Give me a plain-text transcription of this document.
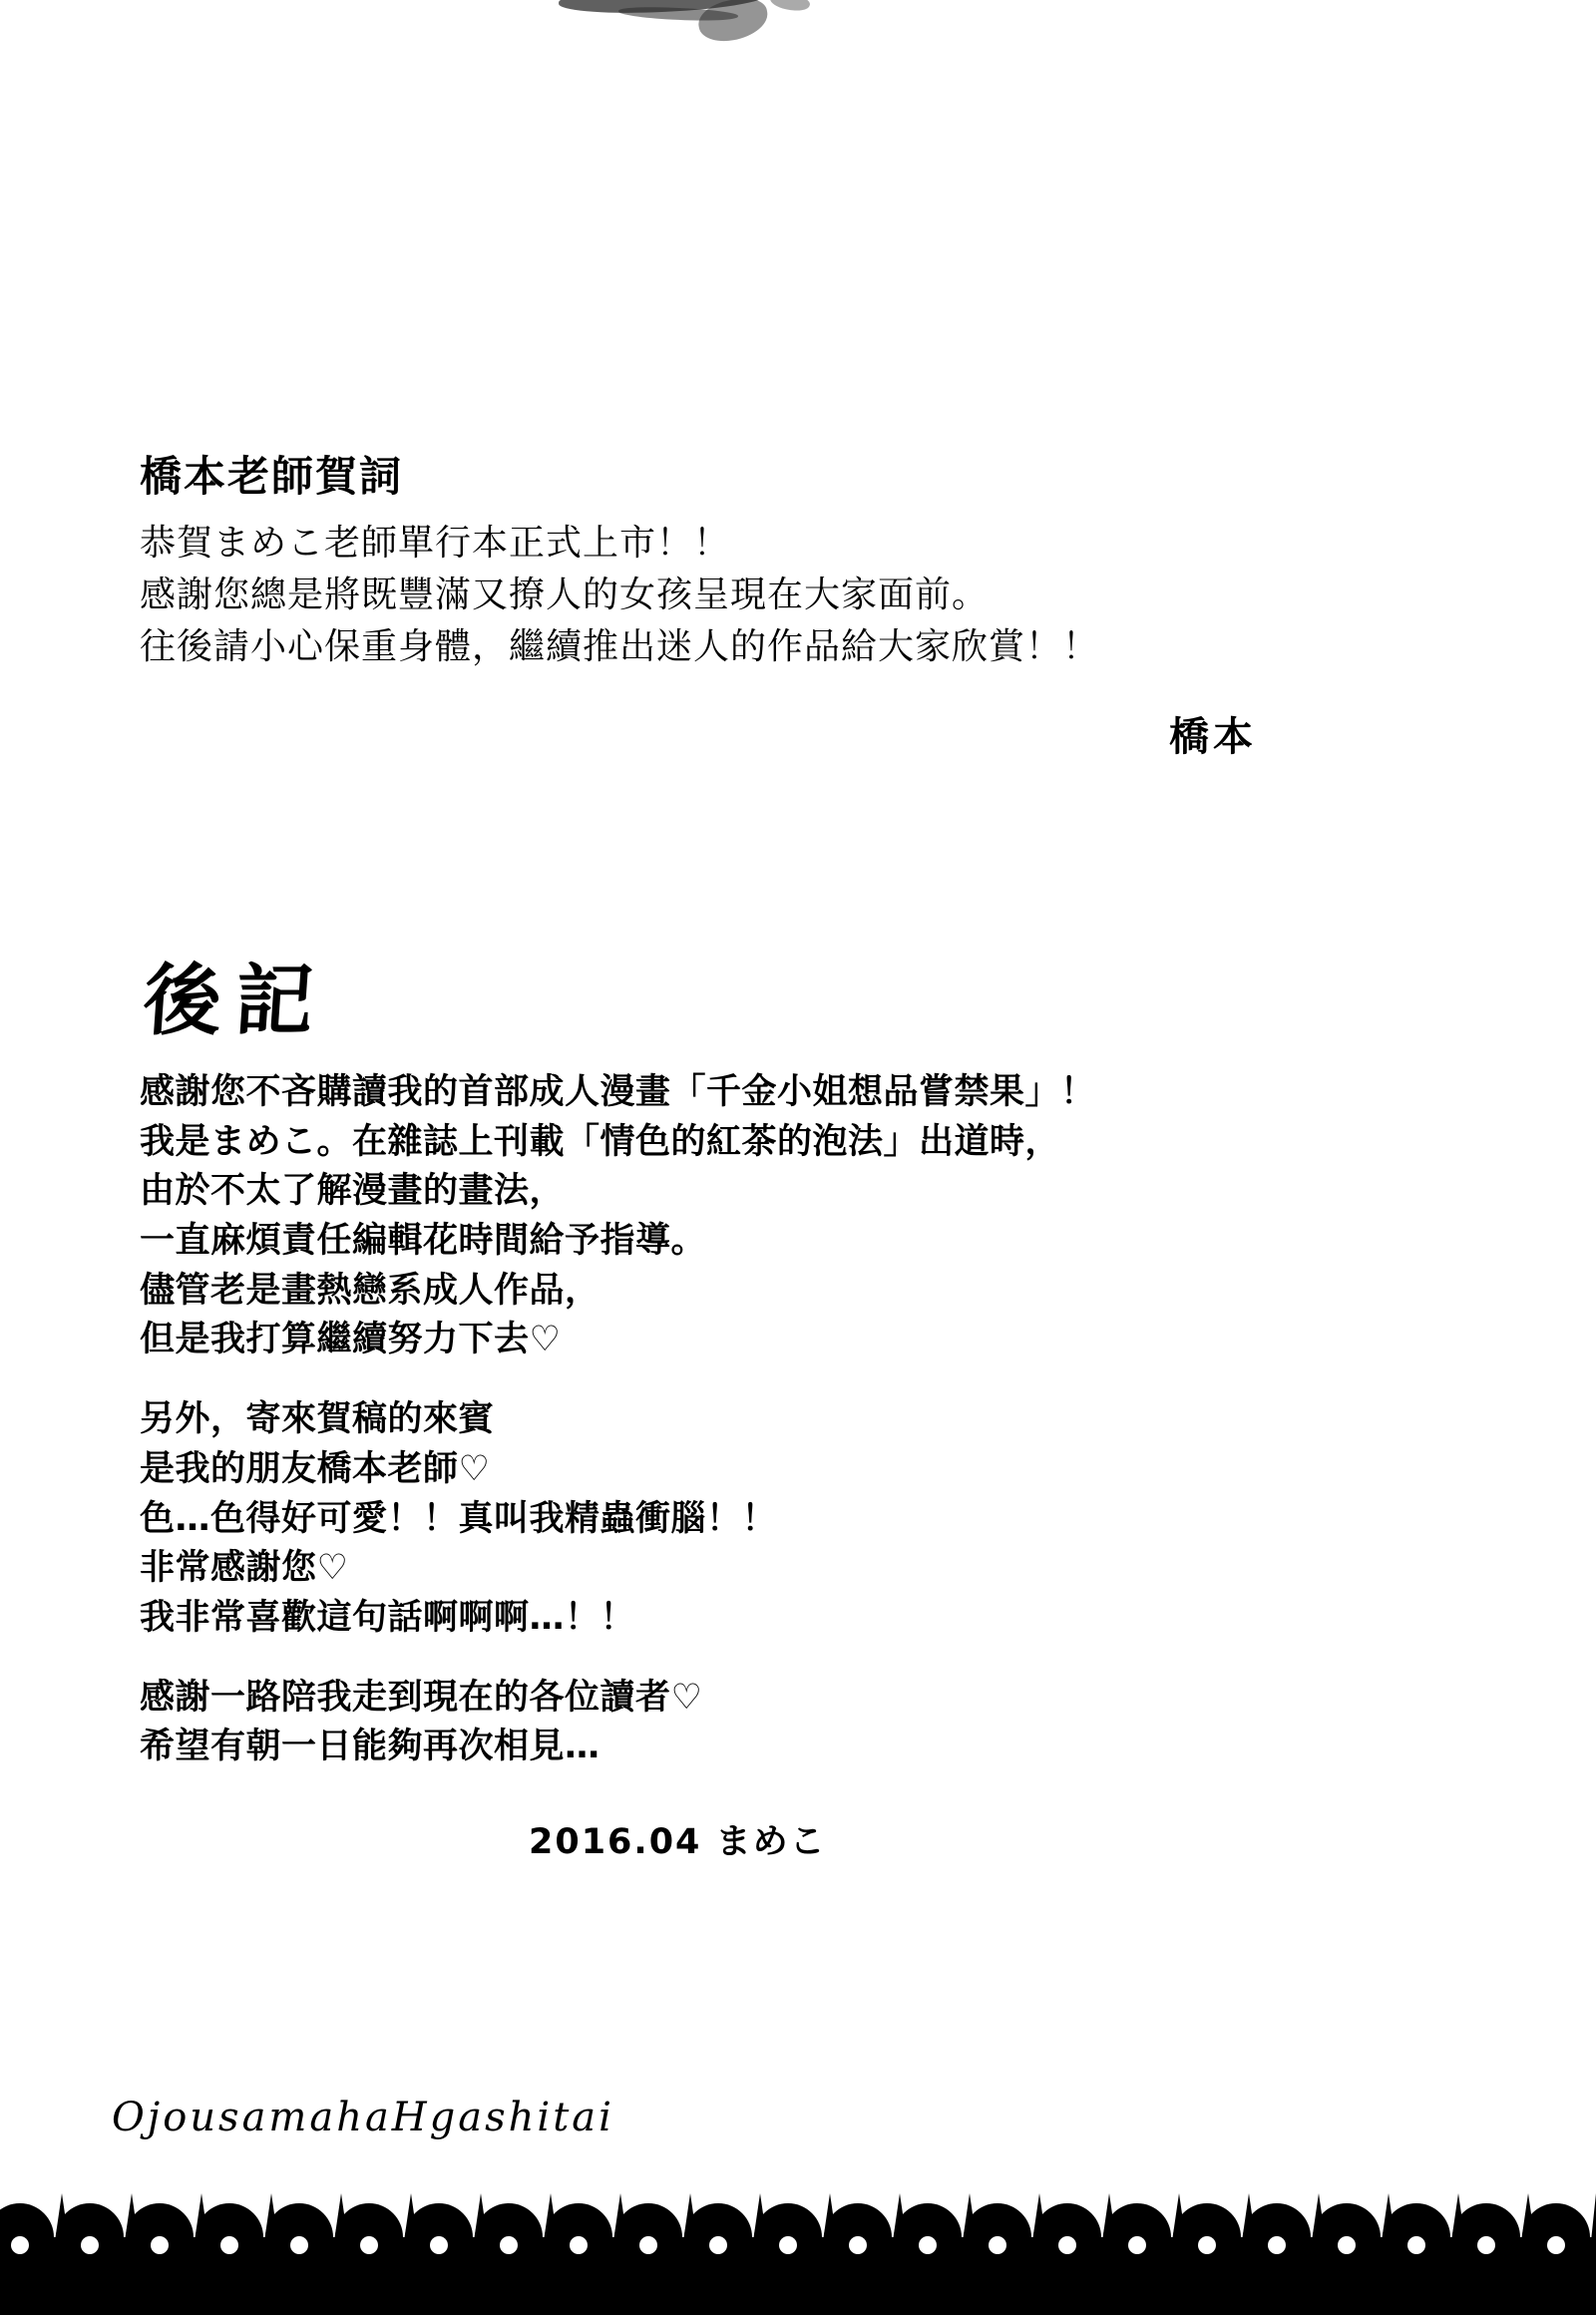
橋本老師賀詞
恭賀まめこ老師單行本正式上市！！
感謝您總是將既豐滿又撩人的女孩呈現在大家面前。
往後請小心保重身體，繼續推出迷人的作品給大家欣賞！！
橋本
後記
感謝您不吝購讀我的首部成人漫畫「千金小姐想品嘗禁果」！
我是まめこ。在雜誌上刊載「情色的紅茶的泡法」出道時，
由於不太了解漫畫的畫法，
一直麻煩責任編輯花時間給予指導。
儘管老是畫熱戀系成人作品，
但是我打算繼續努力下去♡
另外，寄來賀稿的來賓
是我的朋友橋本老師♡
色…色得好可愛！！真叫我精蟲衝腦！！
非常感謝您♡
我非常喜歡這句話啊啊啊…！！
感謝一路陪我走到現在的各位讀者♡
希望有朝一日能夠再次相見…
2016.04 まめこ
OjousamahaHgashitai
